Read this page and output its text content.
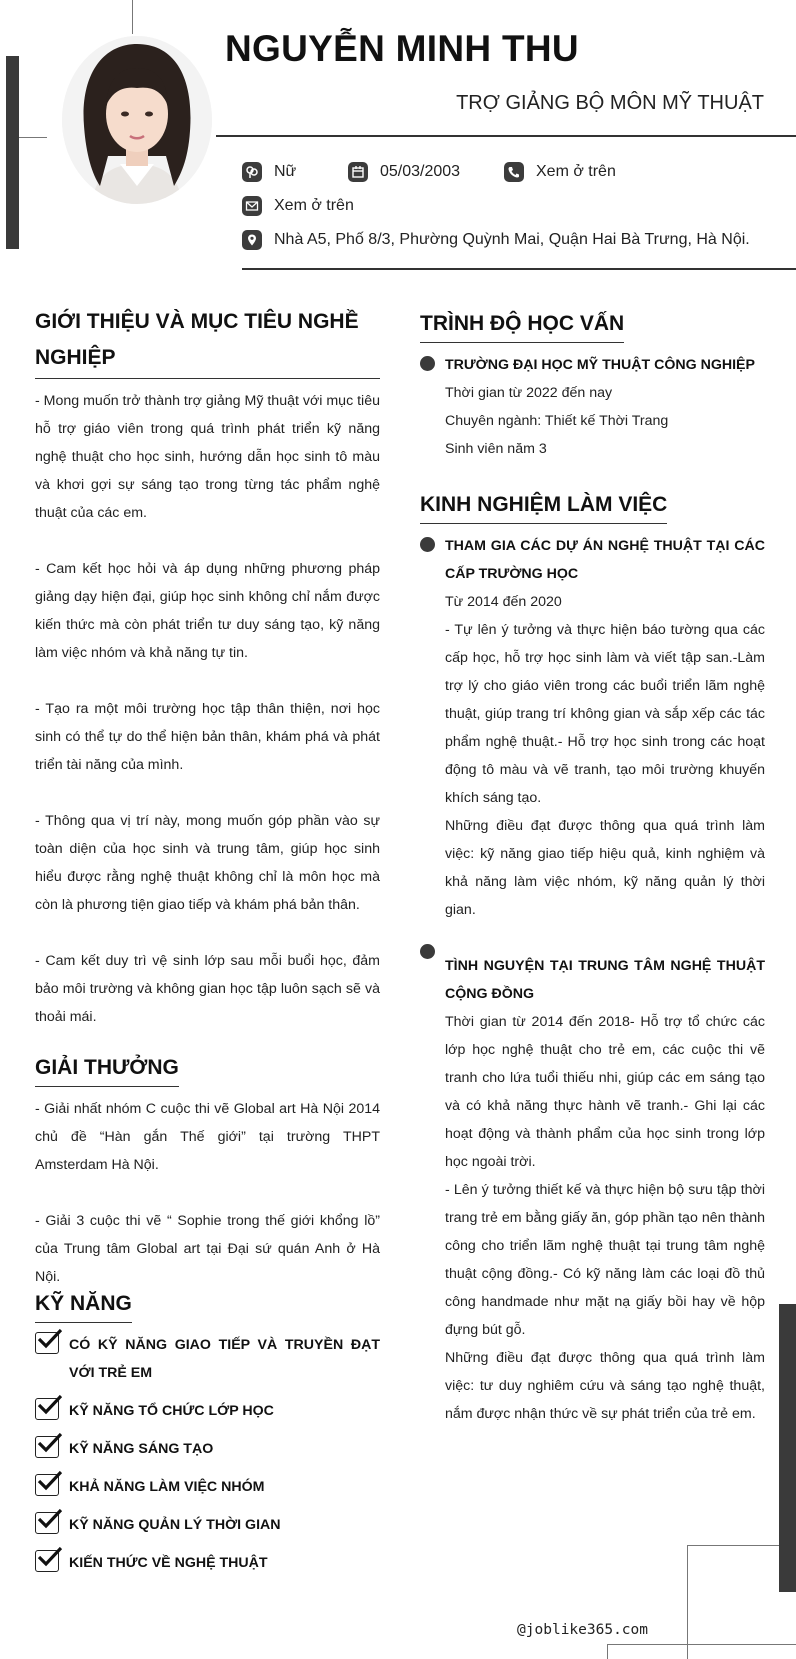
NGUYỄN MINH THU
TRỢ GIẢNG BỘ MÔN MỸ THUẬT
Nữ	05/03/2003	Xem ở trên
Xem ở trên
Nhà A5, Phố 8/3, Phường Quỳnh Mai, Quận Hai Bà Trưng, Hà Nội.
GIỚI THIỆU VÀ MỤC TIÊU NGHỀ
NGHIỆP
- Mong muốn trở thành trợ giảng Mỹ thuật với mục tiêu hỗ trợ giáo viên trong quá trình phát triển kỹ năng nghệ thuật cho học sinh, hướng dẫn học sinh tô màu và khơi gợi sự sáng tạo trong từng tác phẩm nghệ thuật của các em.
- Cam kết học hỏi và áp dụng những phương pháp giảng dạy hiện đại, giúp học sinh không chỉ nắm được kiến thức mà còn phát triển tư duy sáng tạo, kỹ năng làm việc nhóm và khả năng tự tin.
- Tạo ra một môi trường học tập thân thiện, nơi học sinh có thể tự do thể hiện bản thân, khám phá và phát triển tài năng của mình.
- Thông qua vị trí này, mong muốn góp phần vào sự toàn diện của học sinh và trung tâm, giúp học sinh hiểu được rằng nghệ thuật không chỉ là môn học mà còn là phương tiện giao tiếp và khám phá bản thân.
- Cam kết duy trì vệ sinh lớp sau mỗi buổi học, đảm bảo môi trường và không gian học tập luôn sạch sẽ và thoải mái.
GIẢI THƯỞNG
- Giải nhất nhóm C cuộc thi vẽ Global art Hà Nội 2014 chủ đề “Hàn gắn Thế giới” tại trường THPT Amsterdam Hà Nội.
- Giải 3 cuộc thi vẽ “ Sophie trong thế giới khổng lồ” của Trung tâm Global art tại Đại sứ quán Anh ở Hà Nội.
KỸ NĂNG
CÓ KỸ NĂNG GIAO TIẾP VÀ TRUYỀN ĐẠT VỚI TRẺ EM
KỸ NĂNG TỔ CHỨC LỚP HỌC
KỸ NĂNG SÁNG TẠO
KHẢ NĂNG LÀM VIỆC NHÓM
KỸ NĂNG QUẢN LÝ THỜI GIAN
KIẾN THỨC VỀ NGHỆ THUẬT
TRÌNH ĐỘ HỌC VẤN
TRƯỜNG ĐẠI HỌC MỸ THUẬT CÔNG NGHIỆP
Thời gian từ 2022 đến nay
Chuyên ngành: Thiết kế Thời Trang
Sinh viên năm 3
KINH NGHIỆM LÀM VIỆC
THAM GIA CÁC DỰ ÁN NGHỆ THUẬT TẠI CÁC CẤP TRƯỜNG HỌC
Từ 2014 đến 2020
- Tự lên ý tưởng và thực hiện báo tường qua các cấp học, hỗ trợ học sinh làm và viết tập san.-Làm trợ lý cho giáo viên trong các buổi triển lãm nghệ thuật, giúp trang trí không gian và sắp xếp các tác phẩm nghệ thuật.- Hỗ trợ học sinh trong các hoạt động tô màu và vẽ tranh, tạo môi trường khuyến khích sáng tạo.
Những điều đạt được thông qua quá trình làm việc: kỹ năng giao tiếp hiệu quả, kinh nghiệm và khả năng làm việc nhóm, kỹ năng quản lý thời gian.
TÌNH NGUYỆN TẠI TRUNG TÂM NGHỆ THUẬT CỘNG ĐỒNG
Thời gian từ 2014 đến 2018- Hỗ trợ tổ chức các lớp học nghệ thuật cho trẻ em, các cuộc thi vẽ tranh cho lứa tuổi thiếu nhi, giúp các em sáng tạo và có khả năng thực hành vẽ tranh.- Ghi lại các hoạt động và thành phẩm của học sinh trong lớp học ngoài trời.
- Lên ý tưởng thiết kế và thực hiện bộ sưu tập thời trang trẻ em bằng giấy ăn, góp phần tạo nên thành công cho triển lãm nghệ thuật tại trung tâm nghệ thuật cộng đồng.- Có kỹ năng làm các loại đồ thủ công handmade như mặt nạ giấy bồi hay về hộp đựng bút gỗ.
Những điều đạt được thông qua quá trình làm việc: tư duy nghiêm cứu và sáng tạo nghệ thuật, nắm được nhận thức về sự phát triển của trẻ em.
@joblike365.com
